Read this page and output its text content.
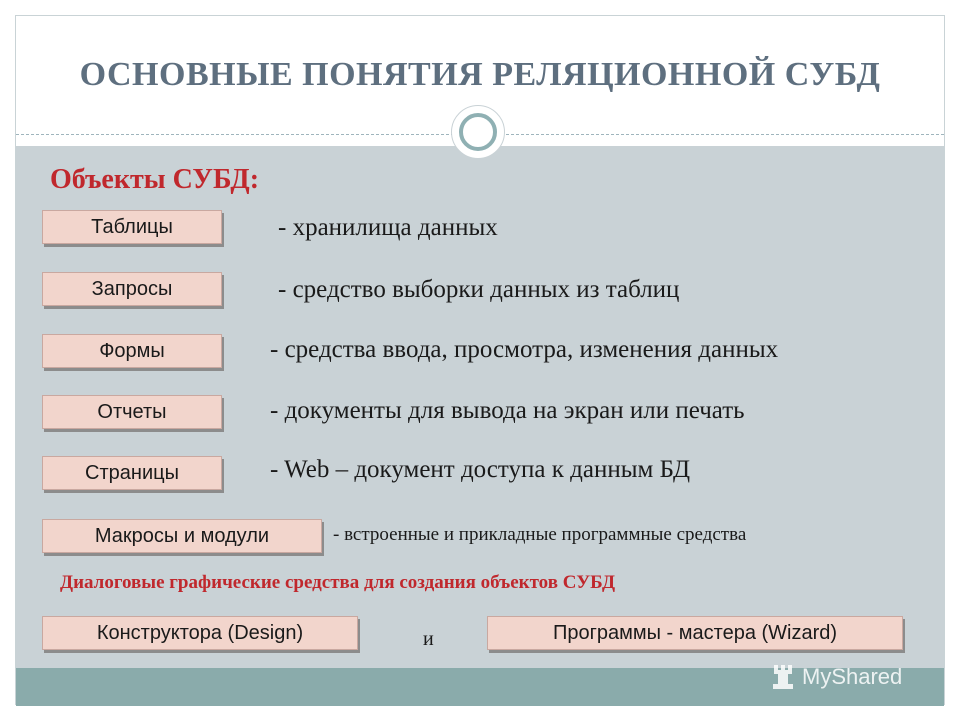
ОСНОВНЫЕ ПОНЯТИЯ РЕЛЯЦИОННОЙ СУБД
Объекты СУБД:
Таблицы	- хранилища данных
Запросы	- средство выборки данных из таблиц
Формы	- средства ввода, просмотра, изменения данных
Отчеты	- документы для вывода на экран или печать
Страницы	- Web – документ доступа к данным БД
Макросы и модули	- встроенные и прикладные программные средства
Диалоговые графические средства для создания объектов СУБД
Конструктора (Design)	и	Программы - мастера (Wizard)
MyShared
